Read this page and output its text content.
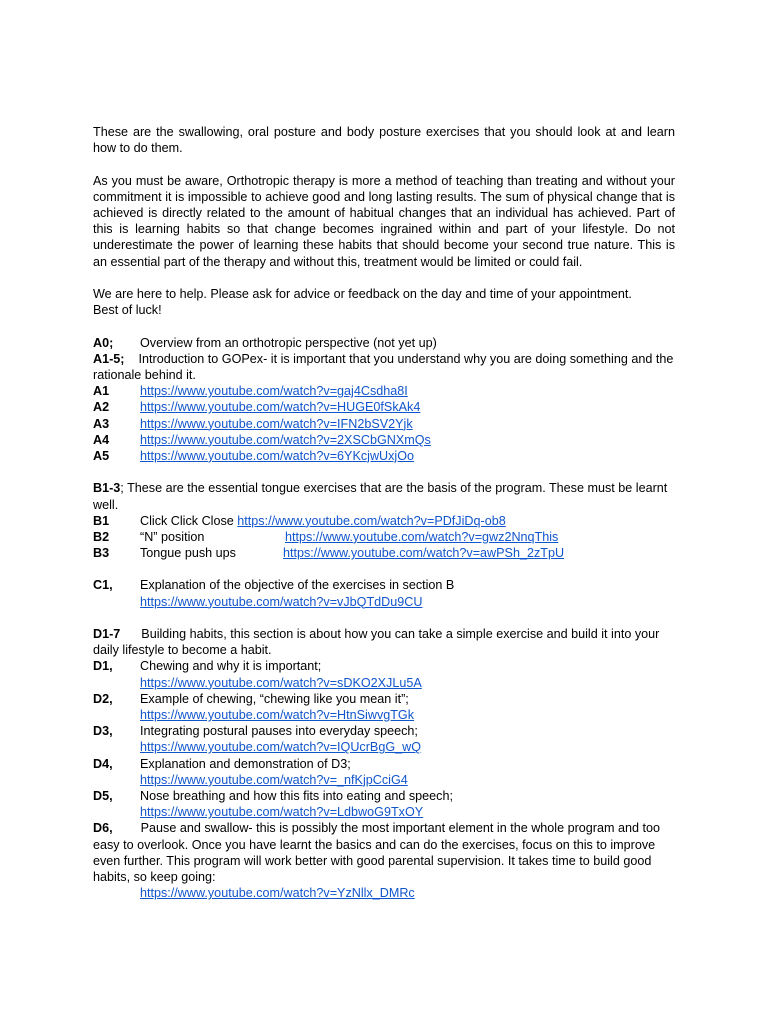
These are the swallowing, oral posture and body posture exercises that you should look at and learn how to do them.

As you must be aware, Orthotropic therapy is more a method of teaching than treating and without your commitment it is impossible to achieve good and long lasting results. The sum of physical change that is achieved is directly related to the amount of habitual changes that an individual has achieved. Part of this is learning habits so that change becomes ingrained within and part of your lifestyle. Do not underestimate the power of learning these habits that should become your second true nature. This is an essential part of the therapy and without this, treatment would be limited or could fail.

We are here to help. Please ask for advice or feedback on the day and time of your appointment.

Best of luck!

A0; Overview from an orthotropic perspective (not yet up)

A1-5; Introduction to GOPex- it is important that you understand why you are doing something and the rationale behind it.

A1 https://www.youtube.com/watch?v=gaj4Csdha8I
A2 https://www.youtube.com/watch?v=HUGE0fSkAk4
A3 https://www.youtube.com/watch?v=IFN2bSV2Yjk
A4 https://www.youtube.com/watch?v=2XSCbGNXmQs
A5 https://www.youtube.com/watch?v=6YKcjwUxjOo

B1-3; These are the essential tongue exercises that are the basis of the program. These must be learnt well.

B1 Click Click Close https://www.youtube.com/watch?v=PDfJiDq-ob8
B2 “N” position	https://www.youtube.com/watch?v=gwz2NnqThis
B3 Tongue push ups	https://www.youtube.com/watch?v=awPSh_2zTpU
C1, Explanation of the objective of the exercises in section B
https://www.youtube.com/watch?v=vJbQTdDu9CU

D1-7 Building habits, this section is about how you can take a simple exercise and build it into your daily lifestyle to become a habit.

D1, Chewing and why it is important;
https://www.youtube.com/watch?v=sDKO2XJLu5A
D2, Example of chewing, “chewing like you mean it”;
https://www.youtube.com/watch?v=HtnSiwvgTGk
D3, Integrating postural pauses into everyday speech;
https://www.youtube.com/watch?v=IQUcrBgG_wQ
D4, Explanation and demonstration of D3;
https://www.youtube.com/watch?v=_nfKjpCciG4
D5, Nose breathing and how this fits into eating and speech;
https://www.youtube.com/watch?v=LdbwoG9TxOY

D6, Pause and swallow- this is possibly the most important element in the whole program and too easy to overlook. Once you have learnt the basics and can do the exercises, focus on this to improve even further. This program will work better with good parental supervision. It takes time to build good habits, so keep going:

https://www.youtube.com/watch?v=YzNllx_DMRc
